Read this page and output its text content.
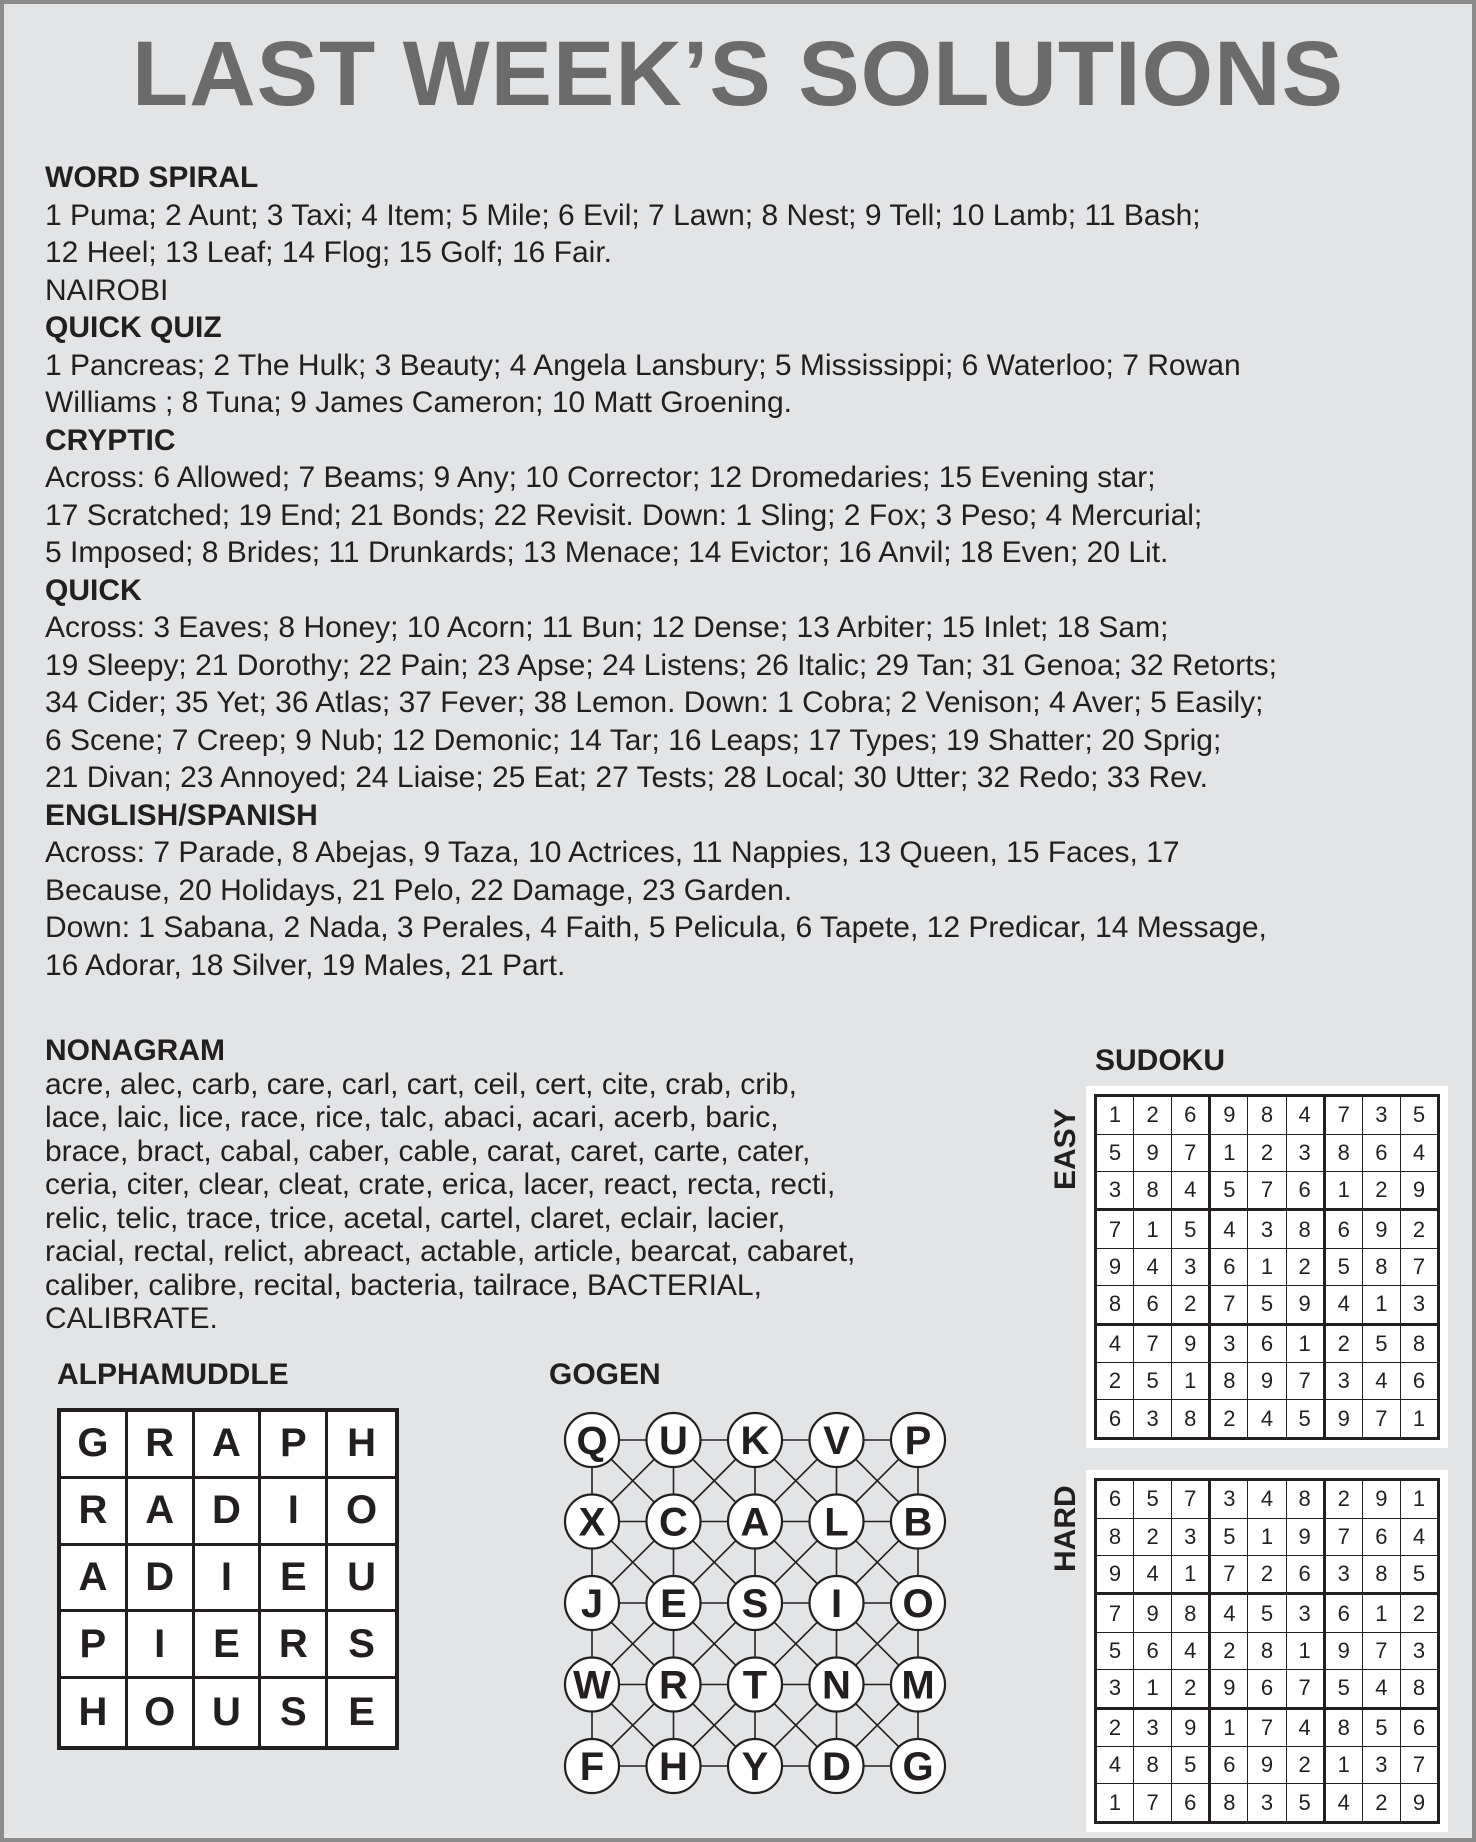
LAST WEEK’S SOLUTIONS
WORD SPIRAL
1 Puma; 2 Aunt; 3 Taxi; 4 Item; 5 Mile; 6 Evil; 7 Lawn; 8 Nest; 9 Tell; 10 Lamb; 11 Bash;
12 Heel; 13 Leaf; 14 Flog; 15 Golf; 16 Fair.
NAIROBI
QUICK QUIZ
1 Pancreas; 2 The Hulk; 3 Beauty; 4 Angela Lansbury; 5 Mississippi; 6 Waterloo; 7 Rowan
Williams ; 8 Tuna; 9 James Cameron; 10 Matt Groening.
CRYPTIC
Across: 6 Allowed; 7 Beams; 9 Any; 10 Corrector; 12 Dromedaries; 15 Evening star;
17 Scratched; 19 End; 21 Bonds; 22 Revisit. Down: 1 Sling; 2 Fox; 3 Peso; 4 Mercurial;
5 Imposed; 8 Brides; 11 Drunkards; 13 Menace; 14 Evictor; 16 Anvil; 18 Even; 20 Lit.
QUICK
Across: 3 Eaves; 8 Honey; 10 Acorn; 11 Bun; 12 Dense; 13 Arbiter; 15 Inlet; 18 Sam;
19 Sleepy; 21 Dorothy; 22 Pain; 23 Apse; 24 Listens; 26 Italic; 29 Tan; 31 Genoa; 32 Retorts;
34 Cider; 35 Yet; 36 Atlas; 37 Fever; 38 Lemon. Down: 1 Cobra; 2 Venison; 4 Aver; 5 Easily;
6 Scene; 7 Creep; 9 Nub; 12 Demonic; 14 Tar; 16 Leaps; 17 Types; 19 Shatter; 20 Sprig;
21 Divan; 23 Annoyed; 24 Liaise; 25 Eat; 27 Tests; 28 Local; 30 Utter; 32 Redo; 33 Rev.
ENGLISH/SPANISH
Across: 7 Parade, 8 Abejas, 9 Taza, 10 Actrices, 11 Nappies, 13 Queen, 15 Faces, 17
Because, 20 Holidays, 21 Pelo, 22 Damage, 23 Garden.
Down: 1 Sabana, 2 Nada, 3 Perales, 4 Faith, 5 Pelicula, 6 Tapete, 12 Predicar, 14 Message,
16 Adorar, 18 Silver, 19 Males, 21 Part.
NONAGRAM
acre, alec, carb, care, carl, cart, ceil, cert, cite, crab, crib,
lace, laic, lice, race, rice, talc, abaci, acari, acerb, baric,
brace, bract, cabal, caber, cable, carat, caret, carte, cater,
ceria, citer, clear, cleat, crate, erica, lacer, react, recta, recti,
relic, telic, trace, trice, acetal, cartel, claret, eclair, lacier,
racial, rectal, relict, abreact, actable, article, bearcat, cabaret,
caliber, calibre, recital, bacteria, tailrace, BACTERIAL,
CALIBRATE.
ALPHAMUDDLE
G R A P	H
R A D	I	O
A D	I	E	U
P	I	E R	S
H O U S	E
GOGEN
Q U K V P
X C A L B
J E S I O
W R T N M
F H Y D G
SUDOKU
EASY 1	2	6	9	8	4	7	3	5
5	9	7	1	2	3	8	6	4
3	8	4	5	7	6	1	2	9
7	1	5	4	3	8	6	9	2
9	4	3	6	1	2	5	8	7
8	6	2	7	5	9	4	1	3
4	7	9	3	6	1	2	5	8
2	5	1	8	9	7	3	4	6
6	3	8	2	4	5	9	7	1
HARD 6	5	7	3	4	8	2	9	1
8	2	3	5	1	9	7	6	4
9	4	1	7	2	6	3	8	5
7	9	8	4	5	3	6	1	2
5	6	4	2	8	1	9	7	3
3	1	2	9	6	7	5	4	8
2	3	9	1	7	4	8	5	6
4	8	5	6	9	2	1	3	7
1	7	6	8	3	5	4	2	9
